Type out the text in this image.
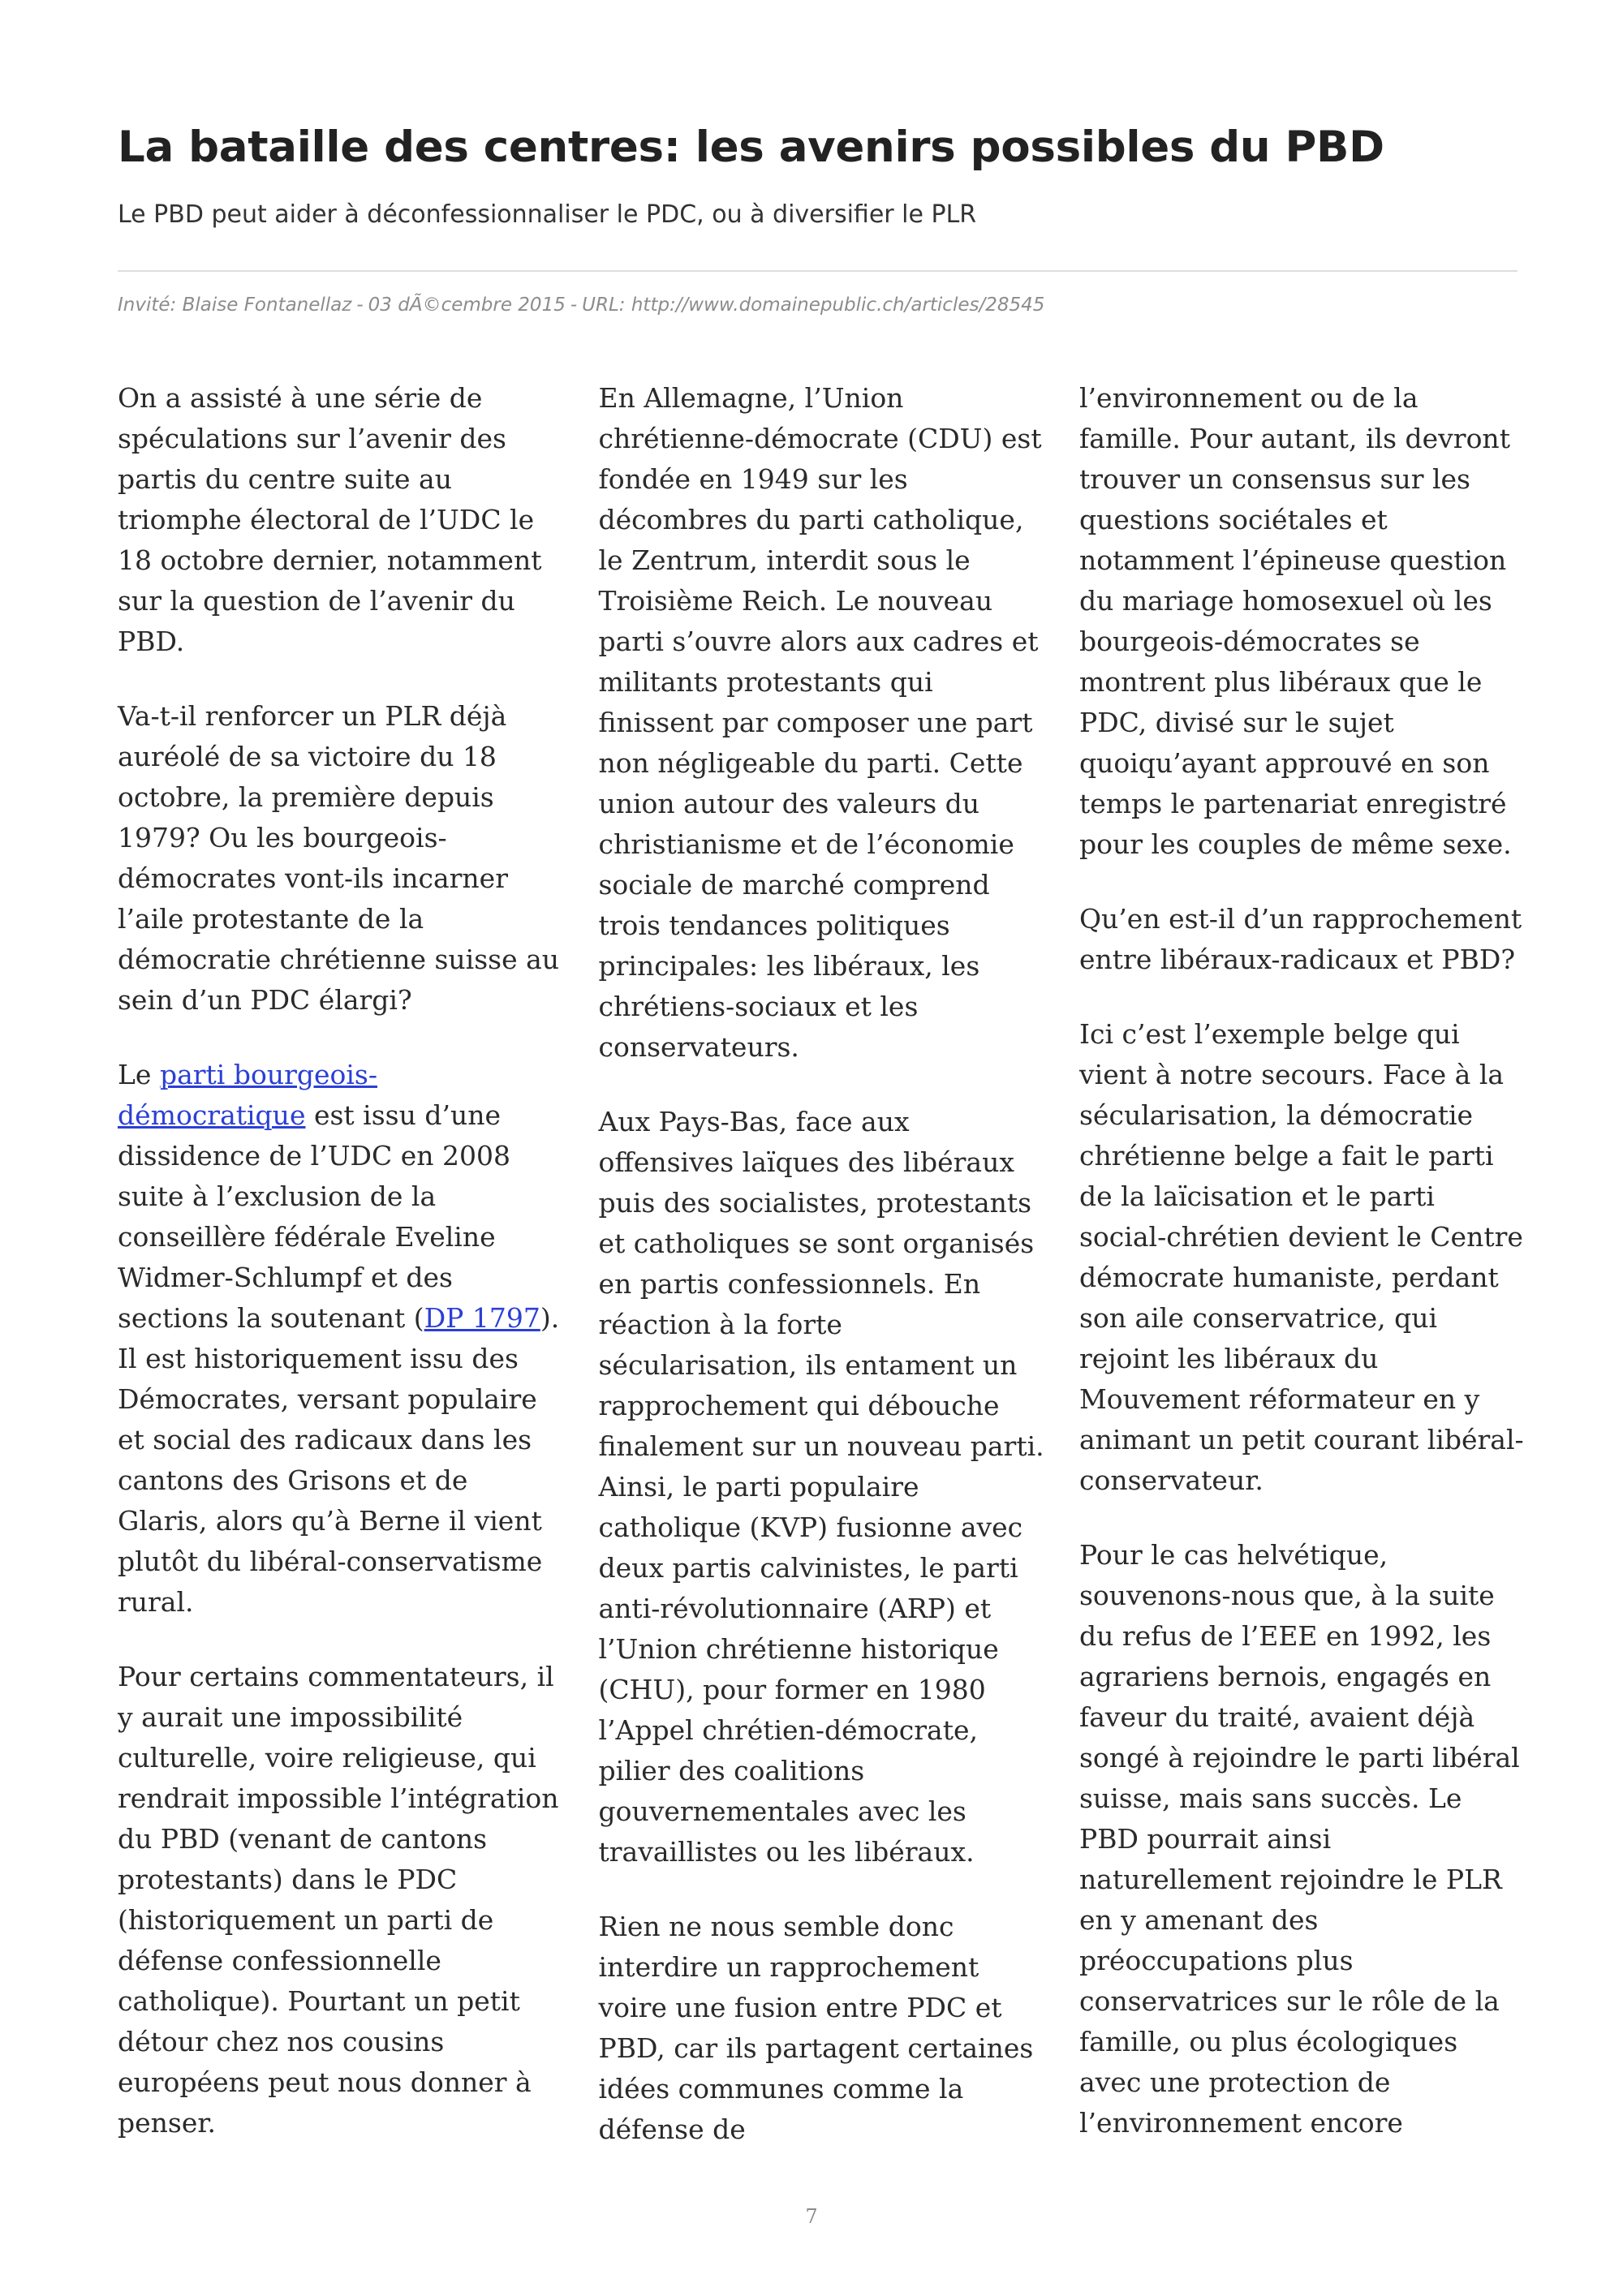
La bataille des centres: les avenirs possibles du PBD

Le PBD peut aider à déconfessionnaliser le PDC, ou à diversifier le PLR

Invité: Blaise Fontanellaz - 03 dÃ©cembre 2015 - URL: http://www.domainepublic.ch/articles/28545

On a assisté à une série de spéculations sur l’avenir des partis du centre suite au triomphe électoral de l’UDC le 18 octobre dernier, notamment sur la question de l’avenir du PBD.

Va-t-il renforcer un PLR déjà auréolé de sa victoire du 18 octobre, la première depuis 1979? Ou les bourgeois-démocrates vont-ils incarner l’aile protestante de la démocratie chrétienne suisse au sein d’un PDC élargi?

Le parti bourgeois-démocratique est issu d’une dissidence de l’UDC en 2008 suite à l’exclusion de la conseillère fédérale Eveline Widmer-Schlumpf et des sections la soutenant (DP 1797). Il est historiquement issu des Démocrates, versant populaire et social des radicaux dans les cantons des Grisons et de Glaris, alors qu’à Berne il vient plutôt du libéral-conservatisme rural.

Pour certains commentateurs, il y aurait une impossibilité culturelle, voire religieuse, qui rendrait impossible l’intégration du PBD (venant de cantons protestants) dans le PDC (historiquement un parti de défense confessionnelle catholique). Pourtant un petit détour chez nos cousins européens peut nous donner à penser.

En Allemagne, l’Union chrétienne-démocrate (CDU) est fondée en 1949 sur les décombres du parti catholique, le Zentrum, interdit sous le Troisième Reich. Le nouveau parti s’ouvre alors aux cadres et militants protestants qui finissent par composer une part non négligeable du parti. Cette union autour des valeurs du christianisme et de l’économie sociale de marché comprend trois tendances politiques principales: les libéraux, les chrétiens-sociaux et les conservateurs.

Aux Pays-Bas, face aux offensives laïques des libéraux puis des socialistes, protestants et catholiques se sont organisés en partis confessionnels. En réaction à la forte sécularisation, ils entament un rapprochement qui débouche finalement sur un nouveau parti. Ainsi, le parti populaire catholique (KVP) fusionne avec deux partis calvinistes, le parti anti-révolutionnaire (ARP) et l’Union chrétienne historique (CHU), pour former en 1980 l’Appel chrétien-démocrate, pilier des coalitions gouvernementales avec les travaillistes ou les libéraux.

Rien ne nous semble donc interdire un rapprochement voire une fusion entre PDC et PBD, car ils partagent certaines idées communes comme la défense de

l’environnement ou de la famille. Pour autant, ils devront trouver un consensus sur les questions sociétales et notamment l’épineuse question du mariage homosexuel où les bourgeois-démocrates se montrent plus libéraux que le PDC, divisé sur le sujet quoiqu’ayant approuvé en son temps le partenariat enregistré pour les couples de même sexe.

Qu’en est-il d’un rapprochement entre libéraux-radicaux et PBD?

Ici c’est l’exemple belge qui vient à notre secours. Face à la sécularisation, la démocratie chrétienne belge a fait le parti de la laïcisation et le parti social-chrétien devient le Centre démocrate humaniste, perdant son aile conservatrice, qui rejoint les libéraux du Mouvement réformateur en y animant un petit courant libéral-conservateur.

Pour le cas helvétique, souvenons-nous que, à la suite du refus de l’EEE en 1992, les agrariens bernois, engagés en faveur du traité, avaient déjà songé à rejoindre le parti libéral suisse, mais sans succès. Le PBD pourrait ainsi naturellement rejoindre le PLR en y amenant des préoccupations plus conservatrices sur le rôle de la famille, ou plus écologiques avec une protection de l’environnement encore

7
